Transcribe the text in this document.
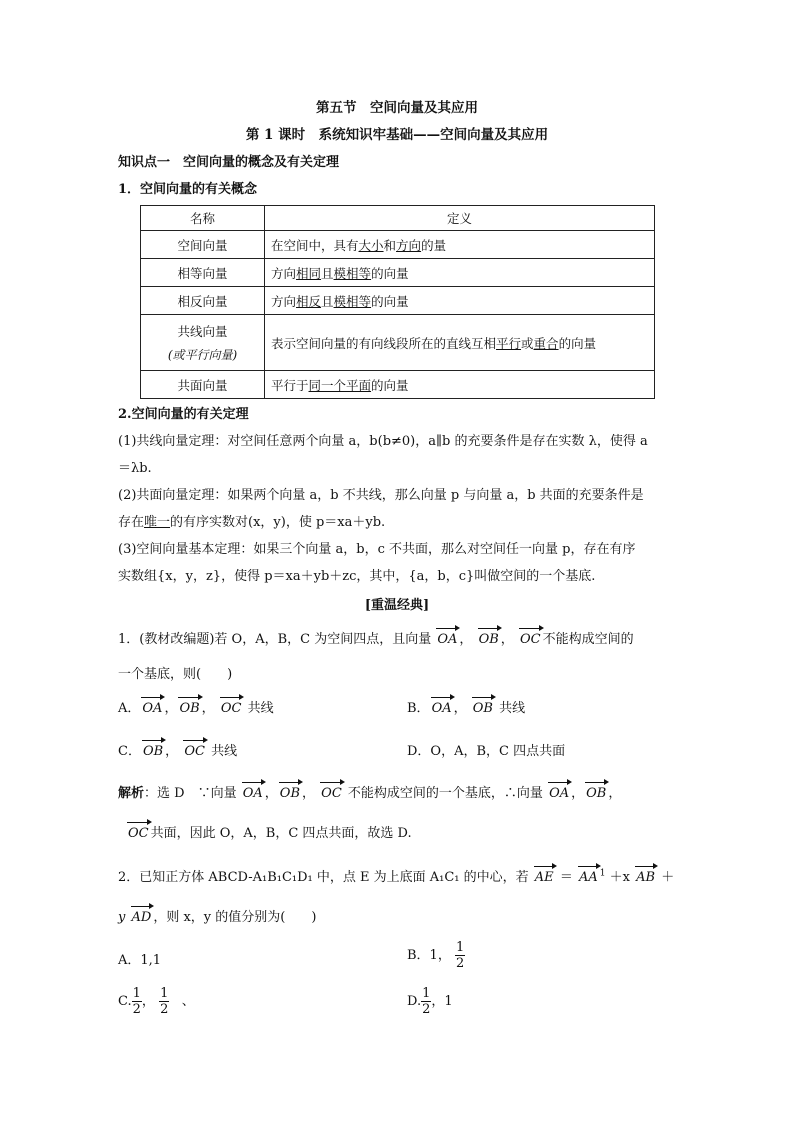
第五节　空间向量及其应用
第 1 课时　系统知识牢基础——空间向量及其应用
知识点一　空间向量的概念及有关定理
1．空间向量的有关概念
名称	定义
空间向量	在空间中，具有大小和方向的量
相等向量	方向相同且模相等的向量
相反向量	方向相反且模相等的向量

共线向量
(或平行向量)	表示空间向量的有向线段所在的直线互相平行或重合的向量
共面向量	平行于同一个平面的向量
2.空间向量的有关定理
(1)共线向量定理：对空间任意两个向量 a，b(b≠0)，a∥b 的充要条件是存在实数 λ，使得 a
＝λb.
(2)共面向量定理：如果两个向量 a，b 不共线，那么向量 p 与向量 a，b 共面的充要条件是
存在唯一的有序实数对(x，y)，使 p＝xa＋yb.
(3)空间向量基本定理：如果三个向量 a，b，c 不共面，那么对空间任一向量 p，存在有序
实数组{x，y，z}，使得 p＝xa＋yb＋zc，其中，{a，b，c}叫做空间的一个基底.
[重温经典]
1．(教材改编题)若 O，A，B，C 为空间四点，且向量 OA ， OB ， OC 不能构成空间的
一个基底，则(　　)
A． OA ， OB ， OC 共线	B． OA ， OB 共线
C． OB ， OC 共线	D．O，A，B，C 四点共面
解析：选 D　∵向量 OA ， OB ， OC 不能构成空间的一个基底，∴向量 OA ， OB ，
OC 共面，因此 O，A，B，C 四点共面，故选 D.
2．已知正方体 ABCD-A₁B₁C₁D₁ 中，点 E 为上底面 A₁C₁ 的中心，若 AE ＝ AA $^1$ ＋x AB ＋
y AD ，则 x，y 的值分别为(　　)
A．1,1	B．1， $\frac{1}{2}$
C. $\frac{1}{2}$ ， $\frac{1}{2}$ 、	D. $\frac{1}{2}$ ，1
